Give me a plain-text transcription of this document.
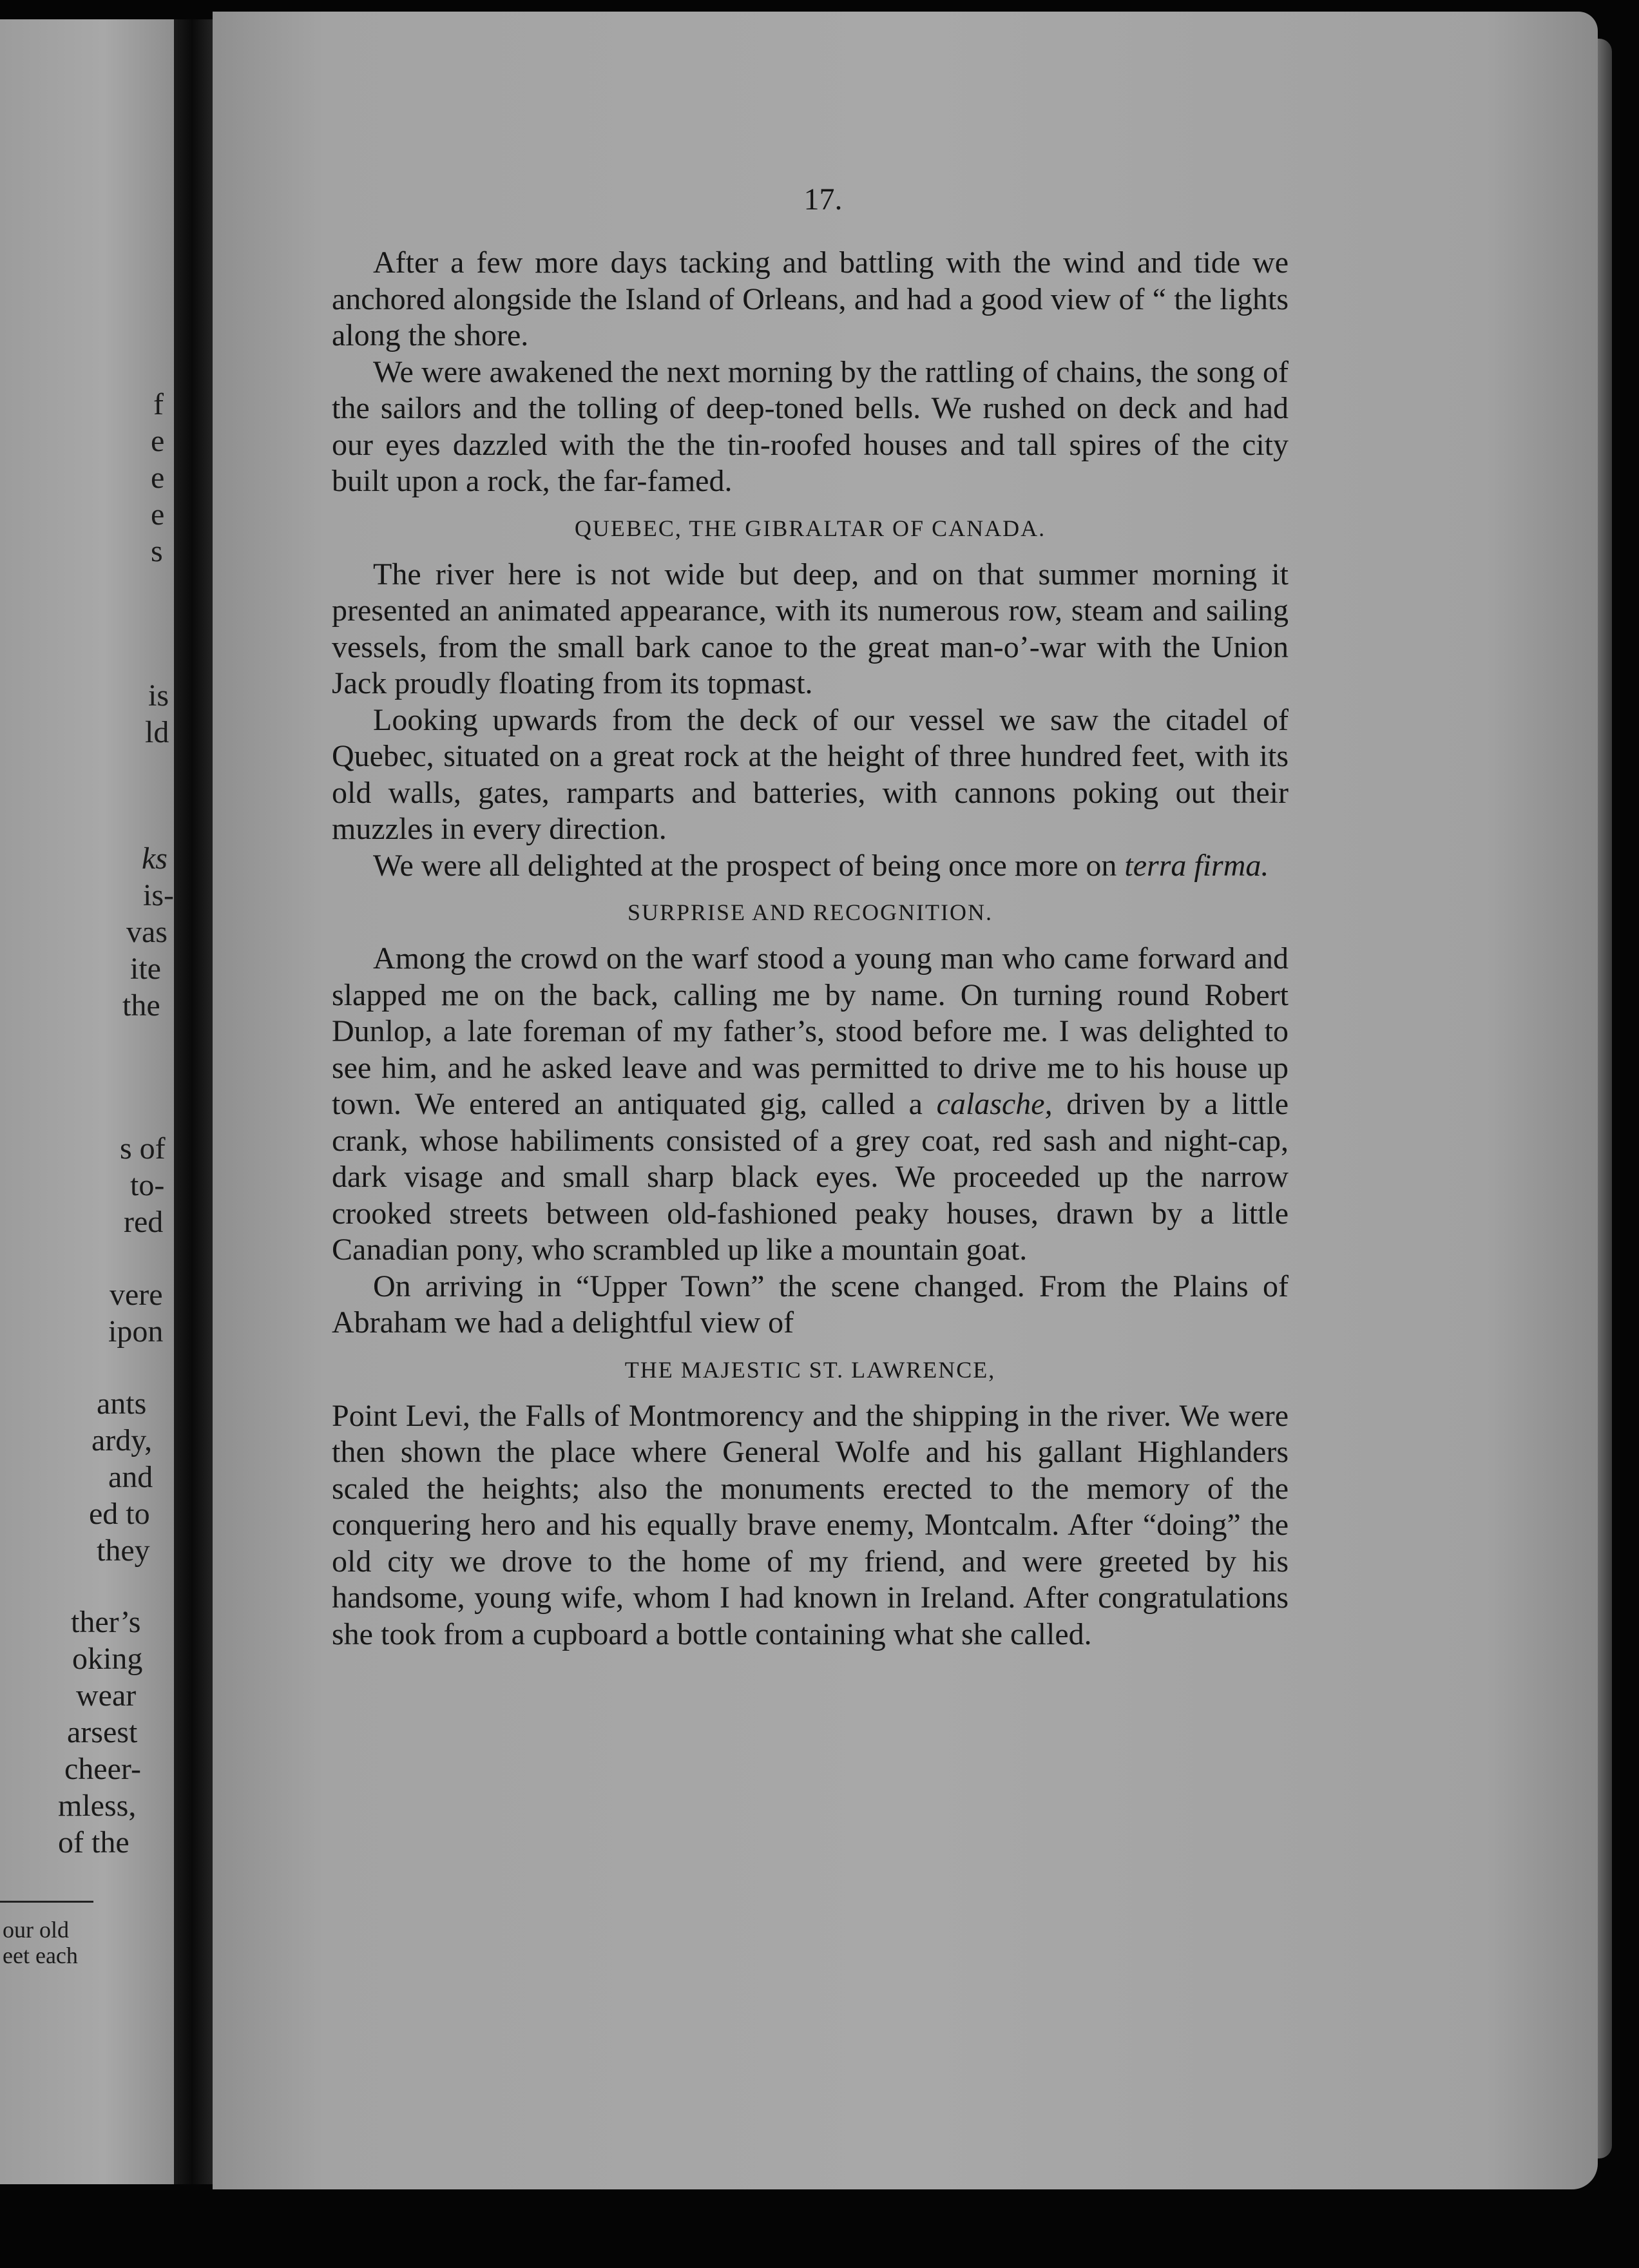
f
e
e
e
s
is
ld
ks
is-
vas
ite
the
s of
to-
red
vere
ipon
ants
ardy,
and
ed to
they
ther’s
oking
wear
arsest
cheer-
mless,
of the
our old
eet each
17.

After a few more days tacking and battling with the wind and tide we anchored alongside the Island of Orleans, and had a good view of “ the lights along the shore.

We were awakened the next morning by the rattling of chains, the song of the sailors and the tolling of deep-toned bells. We rushed on deck and had our eyes dazzled with the the tin-roofed houses and tall spires of the city built upon a rock, the far-famed.

QUEBEC, THE GIBRALTAR OF CANADA.

The river here is not wide but deep, and on that summer morning it presented an animated appearance, with its numerous row, steam and sailing vessels, from the small bark canoe to the great man-o’-war with the Union Jack proudly floating from its topmast.

Looking upwards from the deck of our vessel we saw the citadel of Quebec, situated on a great rock at the height of three hundred feet, with its old walls, gates, ramparts and batteries, with cannons poking out their muzzles in every direction.

We were all delighted at the prospect of being once more on terra firma.

SURPRISE AND RECOGNITION.

Among the crowd on the warf stood a young man who came forward and slapped me on the back, calling me by name. On turning round Robert Dunlop, a late foreman of my father’s, stood before me. I was delighted to see him, and he asked leave and was permitted to drive me to his house up town. We entered an antiquated gig, called a calasche, driven by a little crank, whose habiliments consisted of a grey coat, red sash and night-cap, dark visage and small sharp black eyes. We proceeded up the narrow crooked streets between old-fashioned peaky houses, drawn by a little Canadian pony, who scrambled up like a mountain goat.

On arriving in “Upper Town” the scene changed. From the Plains of Abraham we had a delightful view of

THE MAJESTIC ST. LAWRENCE,

Point Levi, the Falls of Montmorency and the shipping in the river. We were then shown the place where General Wolfe and his gallant Highlanders scaled the heights; also the monuments erected to the memory of the conquering hero and his equally brave enemy, Montcalm. After “doing” the old city we drove to the home of my friend, and were greeted by his handsome, young wife, whom I had known in Ireland. After congratulations she took from a cupboard a bottle containing what she called.
